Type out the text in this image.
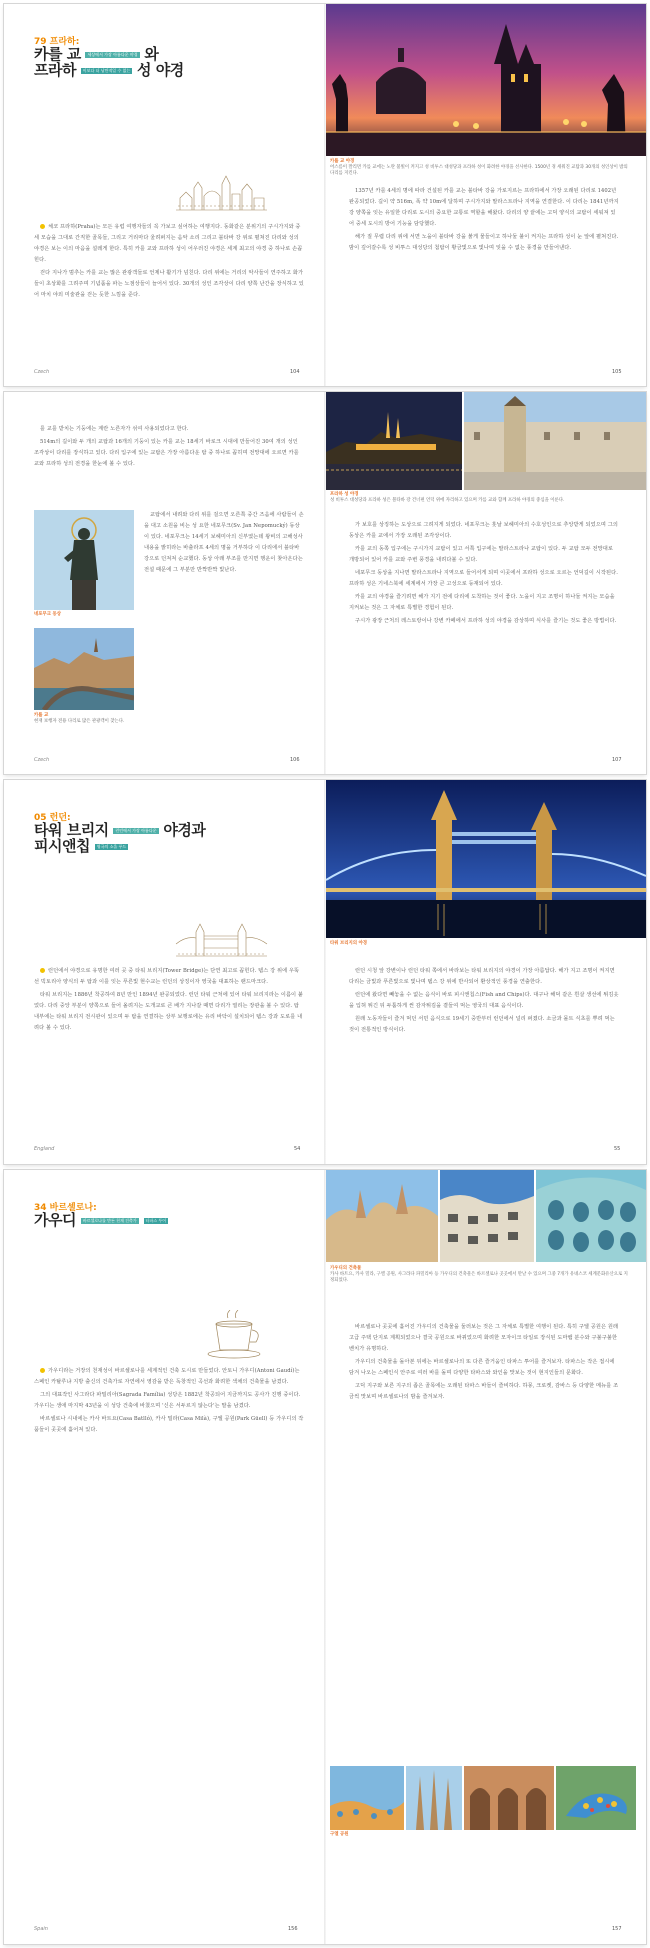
79 프라하:
카를 교 세상에서 가장 아름다운 야경 와
프라하 이보다 더 낭만적일 수 없는 성 야경

체코 프라하(Praha)는 모든 유럽 여행자들의 꼭 가보고 싶어하는 여행지다. 동화같은 분위기의 구시가지와 중세 모습을 그대로 간직한 골목들, 그리고 거리마다 울려퍼지는 음악 소리 그리고 블타바 강 위로 펼쳐진 다리와 성의 야경은 보는 이의 마음을 설레게 한다. 특히 카를 교와 프라하 성이 어우러진 야경은 세계 최고의 야경 중 하나로 손꼽힌다.

걷다 지나가 멈추는 카를 교는 많은 관광객들로 언제나 활기가 넘친다. 다리 위에는 거리의 악사들이 연주하고 화가들이 초상화를 그려주며 기념품을 파는 노점상들이 늘어서 있다. 30개의 성인 조각상이 다리 양쪽 난간을 장식하고 있어 마치 야외 미술관을 걷는 듯한 느낌을 준다.

Czech	104
카를 교 야경
어스름이 깔리면 카를 교에는 노란 불빛이 켜지고 성 비투스 대성당과 프라하 성이 화려한 야경을 선사한다. 1500년 경 세워진 교탑과 30개의 성인상이 밤의 다리를 지킨다.

1357년 카를 4세의 명에 따라 건설된 카를 교는 블타바 강을 가로지르는 프라하에서 가장 오래된 다리로 1402년 완공되었다. 길이 약 516m, 폭 약 10m에 달하며 구시가지와 말라스트라나 지역을 연결한다. 이 다리는 1841년까지 강 양쪽을 잇는 유일한 다리로 도시의 중요한 교통로 역할을 해왔다. 다리의 양 끝에는 고딕 양식의 교탑이 세워져 있어 중세 도시의 방어 기능을 담당했다.

해가 질 무렵 다리 위에 서면 노을이 블타바 강을 붉게 물들이고 하나둘 불이 켜지는 프라하 성이 눈 앞에 펼쳐진다. 밤이 깊어갈수록 성 비투스 대성당의 첨탑이 황금빛으로 빛나며 잊을 수 없는 풍경을 만들어낸다.

105

를 교를 받치는 기둥에는 계란 노른자가 섞여 사용되었다고 한다.

514m의 길이와 두 개의 교탑과 16개의 기둥이 있는 카를 교는 18세기 바로크 시대에 만들어진 30여 개의 성인 조각상이 다리를 장식하고 있다. 다리 입구에 있는 교탑은 가장 아름다운 탑 중 하나로 꼽히며 전망대에 오르면 카를 교와 프라하 성의 전경을 한눈에 볼 수 있다.

네포무크 동상
카를 교
현재 보행자 전용 다리로 많은 관광객이 찾는다.

교탑에서 내려와 다리 위를 걸으면 오른쪽 중간 즈음에 사람들이 손을 대고 소원을 비는 성 요한 네포무크(Sv. Jan Nepomucký) 동상이 있다. 네포무크는 14세기 보헤미아의 신부였는데 왕비의 고해성사 내용을 밝히라는 바츨라프 4세의 명을 거부하다 이 다리에서 블타바 강으로 던져져 순교했다. 동상 아래 부조를 만지면 행운이 찾아온다는 전설 때문에 그 부분만 반짝반짝 빛난다.

Czech	106
프라하 성 야경
성 비투스 대성당과 프라하 성은 블타바 강 건너편 언덕 위에 자리하고 있으며 카를 교와 함께 프라하 야경의 중심을 이룬다.

가 보호를 상징하는 도상으로 그려지게 되었다. 네포무크는 훗날 보헤미아의 수호성인으로 추앙받게 되었으며 그의 동상은 카를 교에서 가장 오래된 조각상이다.

카를 교의 동쪽 입구에는 구시가지 교탑이 있고 서쪽 입구에는 말라스트라나 교탑이 있다. 두 교탑 모두 전망대로 개방되어 있어 카를 교와 주변 풍경을 내려다볼 수 있다.

네포무크 동상을 지나면 말라스트라나 지역으로 들어서게 되며 이곳에서 프라하 성으로 오르는 언덕길이 시작된다. 프라하 성은 기네스북에 세계에서 가장 큰 고성으로 등재되어 있다.

카를 교의 야경을 즐기려면 해가 지기 전에 다리에 도착하는 것이 좋다. 노을이 지고 조명이 하나둘 켜지는 모습을 지켜보는 것은 그 자체로 특별한 경험이 된다.

구시가 광장 근처의 레스토랑이나 강변 카페에서 프라하 성의 야경을 감상하며 식사를 즐기는 것도 좋은 방법이다.

107
05 런던:
타워 브리지 런던에서 가장 아름다운 야경과
피시앤칩 영국의 소울 푸드

런던에서 야경으로 유명한 여러 곳 중 타워 브리지(Tower Bridge)는 단연 최고로 꼽힌다. 템스 강 위에 우뚝 선 빅토리아 양식의 두 탑과 이를 잇는 푸른빛 현수교는 런던의 상징이자 영국을 대표하는 랜드마크다.

타워 브리지는 1886년 착공하여 8년 만인 1894년 완공되었다. 런던 타워 근처에 있어 타워 브리지라는 이름이 붙었다. 다리 중앙 부분이 양쪽으로 들어 올려지는 도개교로 큰 배가 지나갈 때면 다리가 열리는 장관을 볼 수 있다. 탑 내부에는 타워 브리지 전시관이 있으며 두 탑을 연결하는 상부 보행로에는 유리 바닥이 설치되어 템스 강과 도로를 내려다 볼 수 있다.

England	54
타워 브리지의 야경

런던 시청 앞 강변이나 런던 타워 쪽에서 바라보는 타워 브리지의 야경이 가장 아름답다. 해가 지고 조명이 켜지면 다리는 금빛과 푸른빛으로 빛나며 템스 강 위에 반사되어 환상적인 풍경을 연출한다.

런던에 왔다면 빼놓을 수 없는 음식이 바로 피시앤칩스(Fish and Chips)다. 대구나 해덕 같은 흰살 생선에 튀김옷을 입혀 튀긴 뒤 두툼하게 썬 감자튀김을 곁들여 먹는 영국의 대표 음식이다.

원래 노동자들이 즐겨 먹던 서민 음식으로 19세기 중반부터 런던에서 널리 퍼졌다. 소금과 몰트 식초를 뿌려 먹는 것이 전통적인 방식이다.

55
34 바르셀로나:
가우디 바르셀로나를 만든 천재 건축가 타파스 투어

가우디라는 거장의 천재성이 바르셀로나를 세계적인 건축 도시로 만들었다. 안토니 가우디(Antoni Gaudí)는 스페인 카탈루냐 지방 출신의 건축가로 자연에서 영감을 받은 독창적인 곡선과 화려한 색채의 건축물을 남겼다.

그의 대표작인 사그라다 파밀리아(Sagrada Família) 성당은 1882년 착공되어 지금까지도 공사가 진행 중이다. 가우디는 생애 마지막 43년을 이 성당 건축에 바쳤으며 '신은 서두르지 않는다'는 말을 남겼다.

바르셀로나 시내에는 카사 바트요(Casa Batlló), 카사 밀라(Casa Milà), 구엘 공원(Park Güell) 등 가우디의 작품들이 곳곳에 흩어져 있다.

Spain	156
가우디의 건축물
카사 바트요, 카사 밀라, 구엘 공원, 사그라다 파밀리아 등 가우디의 건축물은 바르셀로나 곳곳에서 만날 수 있으며 그중 7개가 유네스코 세계문화유산으로 지정되었다.

바르셀로나 곳곳에 흩어진 가우디의 건축물을 둘러보는 것은 그 자체로 특별한 여행이 된다. 특히 구엘 공원은 원래 고급 주택 단지로 계획되었으나 결국 공원으로 바뀌었으며 화려한 모자이크 타일로 장식된 도마뱀 분수와 구불구불한 벤치가 유명하다.

가우디의 건축물을 돌아본 뒤에는 바르셀로나의 또 다른 즐거움인 타파스 투어를 즐겨보자. 타파스는 작은 접시에 담겨 나오는 스페인식 안주로 여러 바를 돌며 다양한 타파스와 와인을 맛보는 것이 현지인들의 문화다.

고딕 지구와 보른 지구의 좁은 골목에는 오래된 타파스 바들이 즐비하다. 하몽, 크로켓, 감바스 등 다양한 메뉴를 조금씩 맛보며 바르셀로나의 밤을 즐겨보자.

구엘 공원
157
